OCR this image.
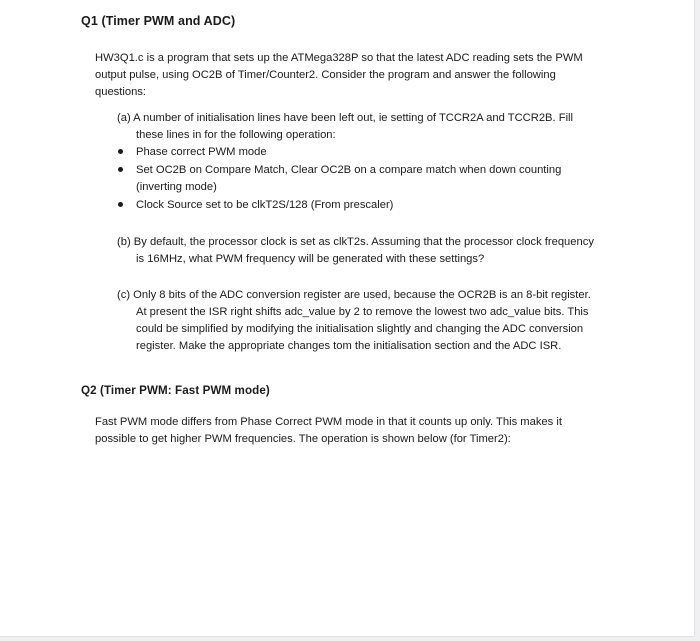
Q1 (Timer PWM and ADC)
HW3Q1.c is a program that sets up the ATMega328P so that the latest ADC reading sets the PWM
output pulse, using OC2B of Timer/Counter2. Consider the program and answer the following
questions:
(a) A number of initialisation lines have been left out, ie setting of TCCR2A and TCCR2B. Fill
these lines in for the following operation:
Phase correct PWM mode
Set OC2B on Compare Match, Clear OC2B on a compare match when down counting
(inverting mode)
Clock Source set to be clkT2S/128 (From prescaler)
(b) By default, the processor clock is set as clkT2s. Assuming that the processor clock frequency
is 16MHz, what PWM frequency will be generated with these settings?
(c) Only 8 bits of the ADC conversion register are used, because the OCR2B is an 8-bit register.
At present the ISR right shifts adc_value by 2 to remove the lowest two adc_value bits. This
could be simplified by modifying the initialisation slightly and changing the ADC conversion
register. Make the appropriate changes tom the initialisation section and the ADC ISR.
Q2 (Timer PWM: Fast PWM mode)
Fast PWM mode differs from Phase Correct PWM mode in that it counts up only. This makes it
possible to get higher PWM frequencies. The operation is shown below (for Timer2):
